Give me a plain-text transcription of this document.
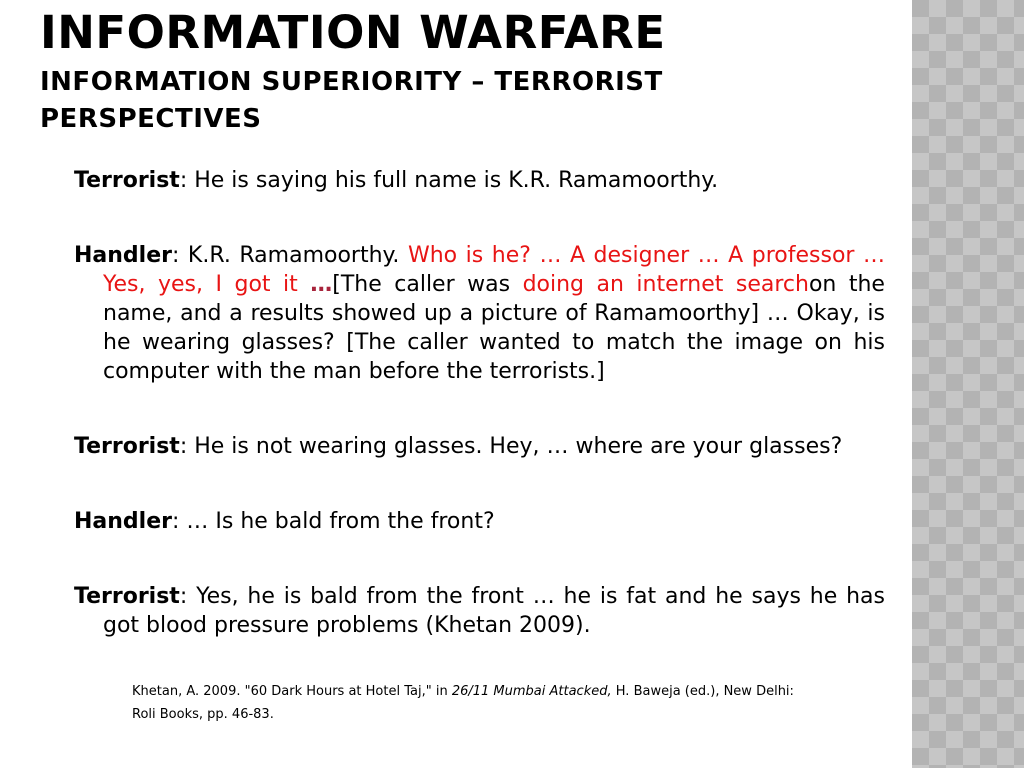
INFORMATION WARFARE
INFORMATION SUPERIORITY – TERRORIST PERSPECTIVES

Terrorist: He is saying his full name is K.R. Ramamoorthy.

Handler: K.R. Ramamoorthy. Who is he? … A designer … A professor … Yes, yes, I got it …[The caller was doing an internet searchon the name, and a results showed up a picture of Ramamoorthy] … Okay, is he wearing glasses? [The caller wanted to match the image on his computer with the man before the terrorists.]

Terrorist: He is not wearing glasses. Hey, … where are your glasses?

Handler: … Is he bald from the front?

Terrorist: Yes, he is bald from the front … he is fat and he says he has got blood pressure problems (Khetan 2009).

Khetan, A. 2009. "60 Dark Hours at Hotel Taj," in 26/11 Mumbai Attacked, H. Baweja (ed.), New Delhi: Roli Books, pp. 46-83.
